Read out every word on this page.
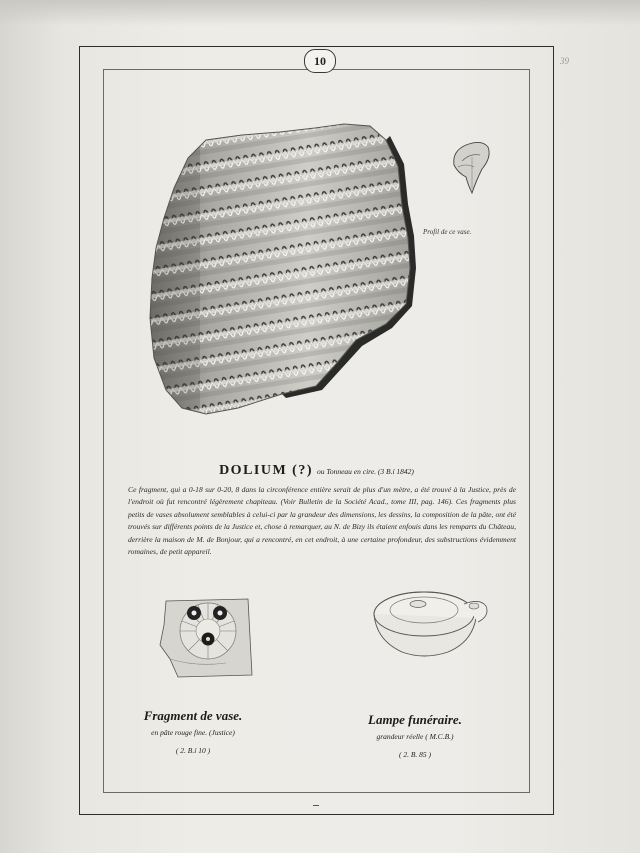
10	39
Profil de ce vase.
DOLIUM (?) ou Tonneau en cire. (3 B.í 1842)

Ce fragment, qui a 0-18 sur 0-20, 8 dans la circonférence entière serait de plus d'un mètre, a été trouvé à la Justice, près de l'endroit où fut rencontré légèrement chapiteau. (Voir Bulletin de la Société Acad., tome III, pag. 146). Ces fragments plus petits de vases absolument semblables à celui-ci par la grandeur des dimensions, les dessins, la composition de la pâte, ont été trouvés sur différents points de la Justice et, chose à remarquer, au N. de Bizy ils étaient enfouis dans les remparts du Château, derrière la maison de M. de Bonjour, qui a rencontré, en cet endroit, à une certaine profondeur, des substructions évidemment romaines, de petit appareil.

Fragment de vase.
en pâte rouge fine. (Justice)
( 2. B.í 10 )
Lampe funéraire.
grandeur réelle ( M.C.B.)
( 2. B. 85 )
